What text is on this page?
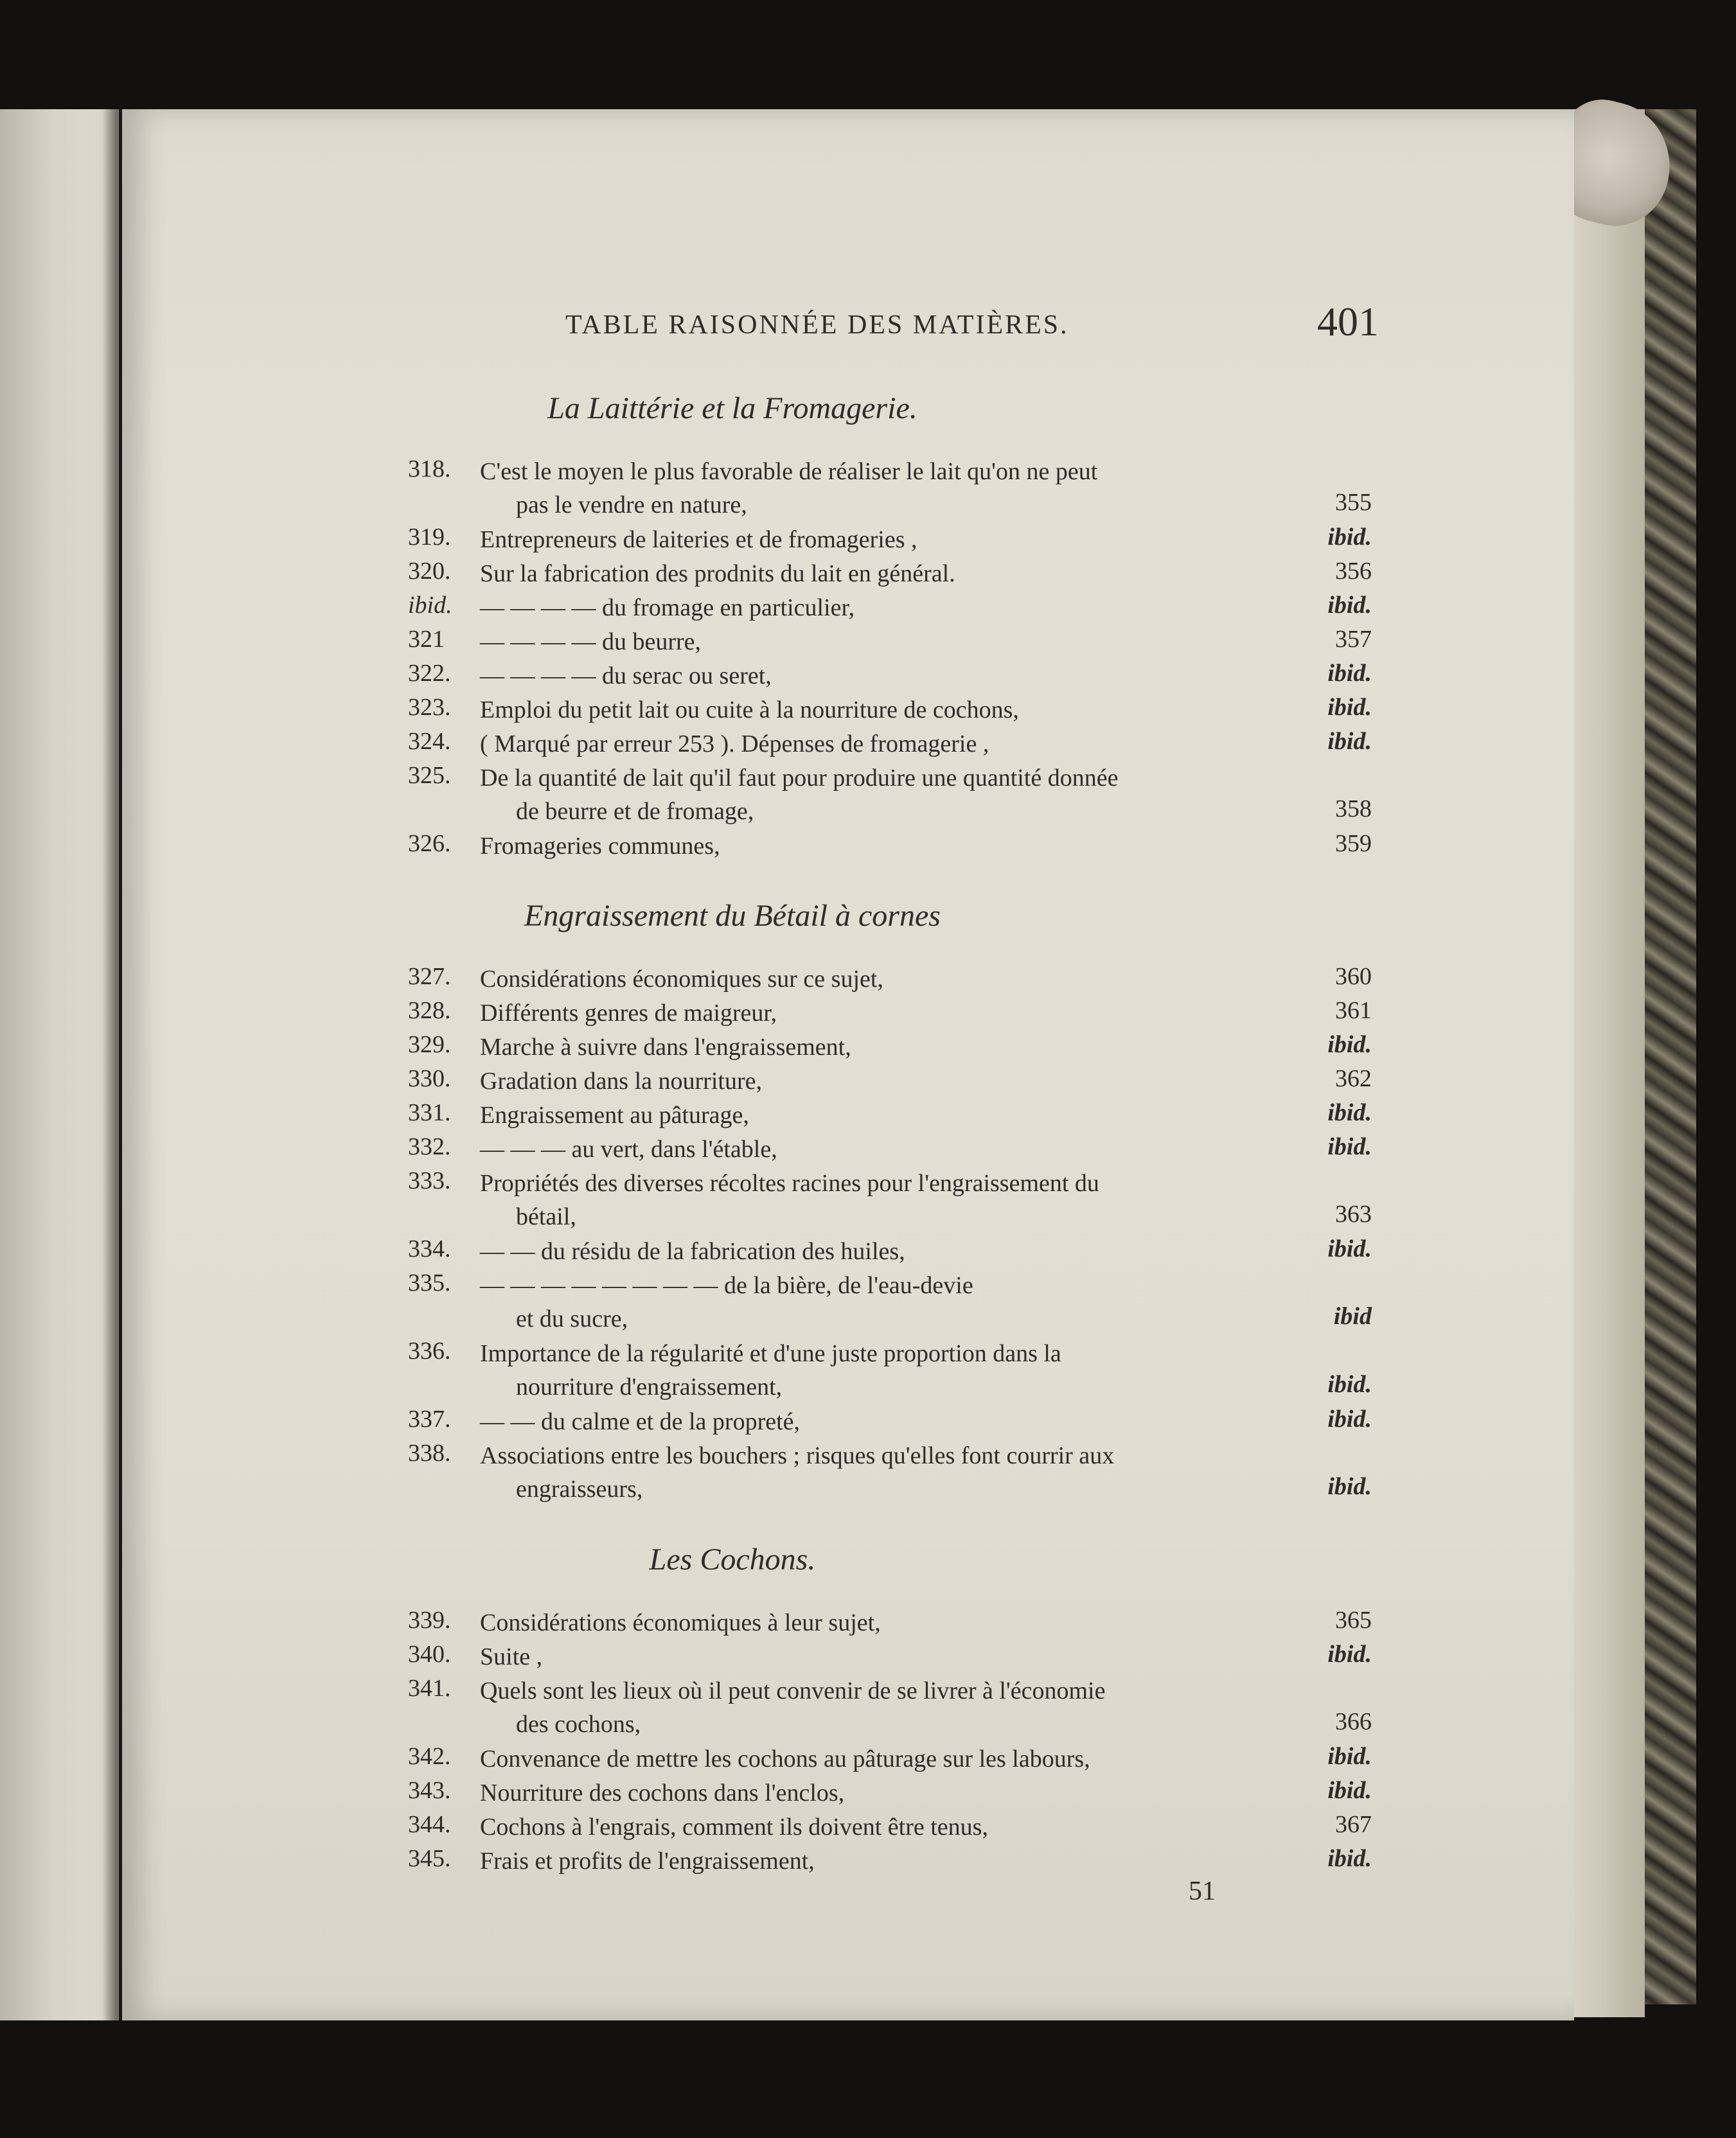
TABLE RAISONNÉE DES MATIÈRES.	401
La Laittérie et la Fromagerie.
318.	C'est le moyen le plus favorable de réaliser le lait qu'on ne peut
pas le vendre en nature,	355
319.	Entrepreneurs de laiteries et de fromageries ,	ibid.
320.	Sur la fabrication des prodnits du lait en général.	356
ibid.	— — — — du fromage en particulier,	ibid.
321	— — — — du beurre,	357
322.	— — — — du serac ou seret,	ibid.
323.	Emploi du petit lait ou cuite à la nourriture de cochons,	ibid.
324.	( Marqué par erreur 253 ). Dépenses de fromagerie ,	ibid.
325.	De la quantité de lait qu'il faut pour produire une quantité donnée
de beurre et de fromage,	358
326.	Fromageries communes,	359
Engraissement du Bétail à cornes
327.	Considérations économiques sur ce sujet,	360
328.	Différents genres de maigreur,	361
329.	Marche à suivre dans l'engraissement,	ibid.
330.	Gradation dans la nourriture,	362
331.	Engraissement au pâturage,	ibid.
332.	— — — au vert, dans l'étable,	ibid.
333.	Propriétés des diverses récoltes racines pour l'engraissement du
bétail,	363
334.	— — du résidu de la fabrication des huiles,	ibid.
335.	— — — — — — — — de la bière, de l'eau-devie
et du sucre,	ibid
336.	Importance de la régularité et d'une juste proportion dans la
nourriture d'engraissement,	ibid.
337.	— — du calme et de la propreté,	ibid.
338.	Associations entre les bouchers ; risques qu'elles font courrir aux
engraisseurs,	ibid.
Les Cochons.
339.	Considérations économiques à leur sujet,	365
340.	Suite ,	ibid.
341.	Quels sont les lieux où il peut convenir de se livrer à l'économie
des cochons,	366
342.	Convenance de mettre les cochons au pâturage sur les labours,	ibid.
343.	Nourriture des cochons dans l'enclos,	ibid.
344.	Cochons à l'engrais, comment ils doivent être tenus,	367
345.	Frais et profits de l'engraissement,	ibid.
51
